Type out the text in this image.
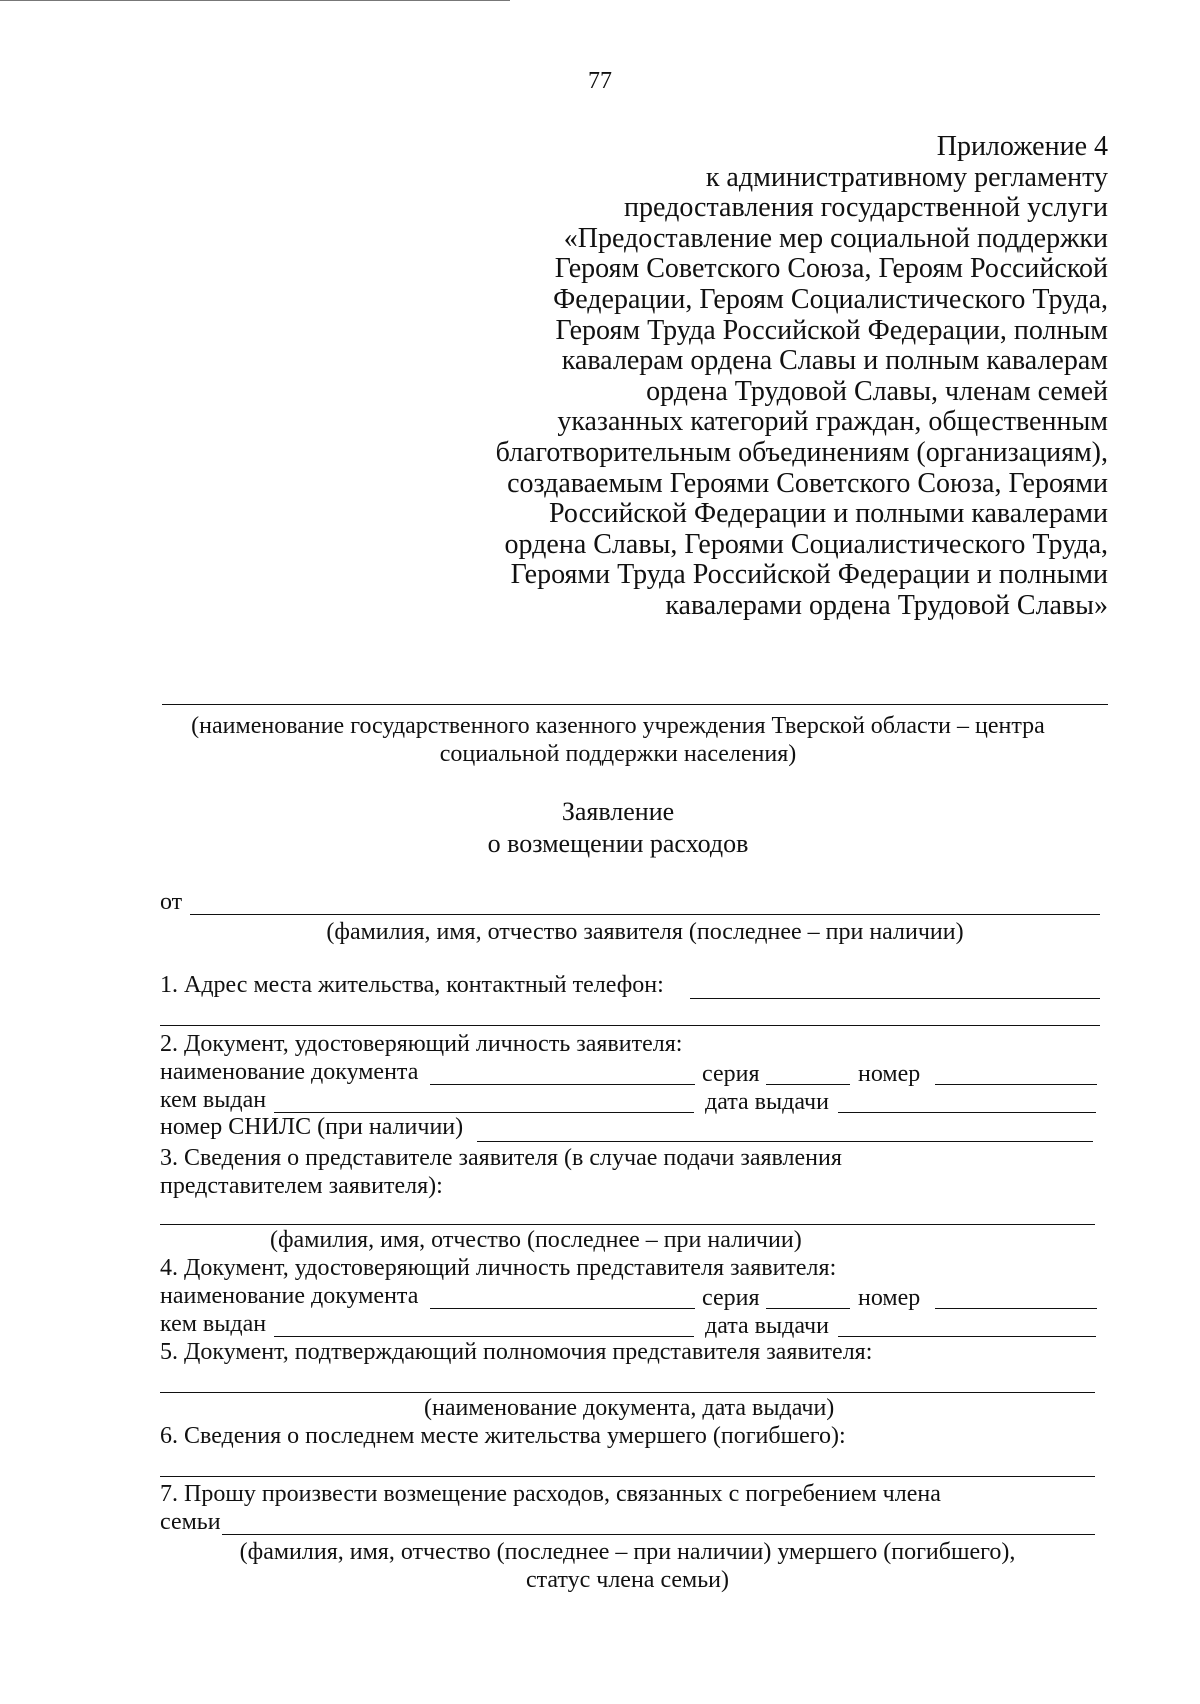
77
Приложение 4
к административному регламенту
предоставления государственной услуги
«Предоставление мер социальной поддержки
Героям Советского Союза, Героям Российской
Федерации, Героям Социалистического Труда,
Героям Труда Российской Федерации, полным
кавалерам ордена Славы и полным кавалерам
ордена Трудовой Славы, членам семей
указанных категорий граждан, общественным
благотворительным объединениям (организациям),
создаваемым Героями Советского Союза, Героями
Российской Федерации и полными кавалерами
ордена Славы, Героями Социалистического Труда,
Героями Труда Российской Федерации и полными
кавалерами ордена Трудовой Славы»
(наименование государственного казенного учреждения Тверской области – центра
социальной поддержки населения)
Заявление
о возмещении расходов
от
(фамилия, имя, отчество заявителя (последнее – при наличии)
1. Адрес места жительства, контактный телефон:
2. Документ, удостоверяющий личность заявителя:
наименование документа	серия	номер
кем выдан	дата выдачи
номер СНИЛС (при наличии)
3. Сведения о представителе заявителя (в случае подачи заявления
представителем заявителя):
(фамилия, имя, отчество (последнее – при наличии)
4. Документ, удостоверяющий личность представителя заявителя:
наименование документа	серия	номер
кем выдан	дата выдачи
5. Документ, подтверждающий полномочия представителя заявителя:
(наименование документа, дата выдачи)
6. Сведения о последнем месте жительства умершего (погибшего):
7. Прошу произвести возмещение расходов, связанных с погребением члена
семьи
(фамилия, имя, отчество (последнее – при наличии) умершего (погибшего),
статус члена семьи)
